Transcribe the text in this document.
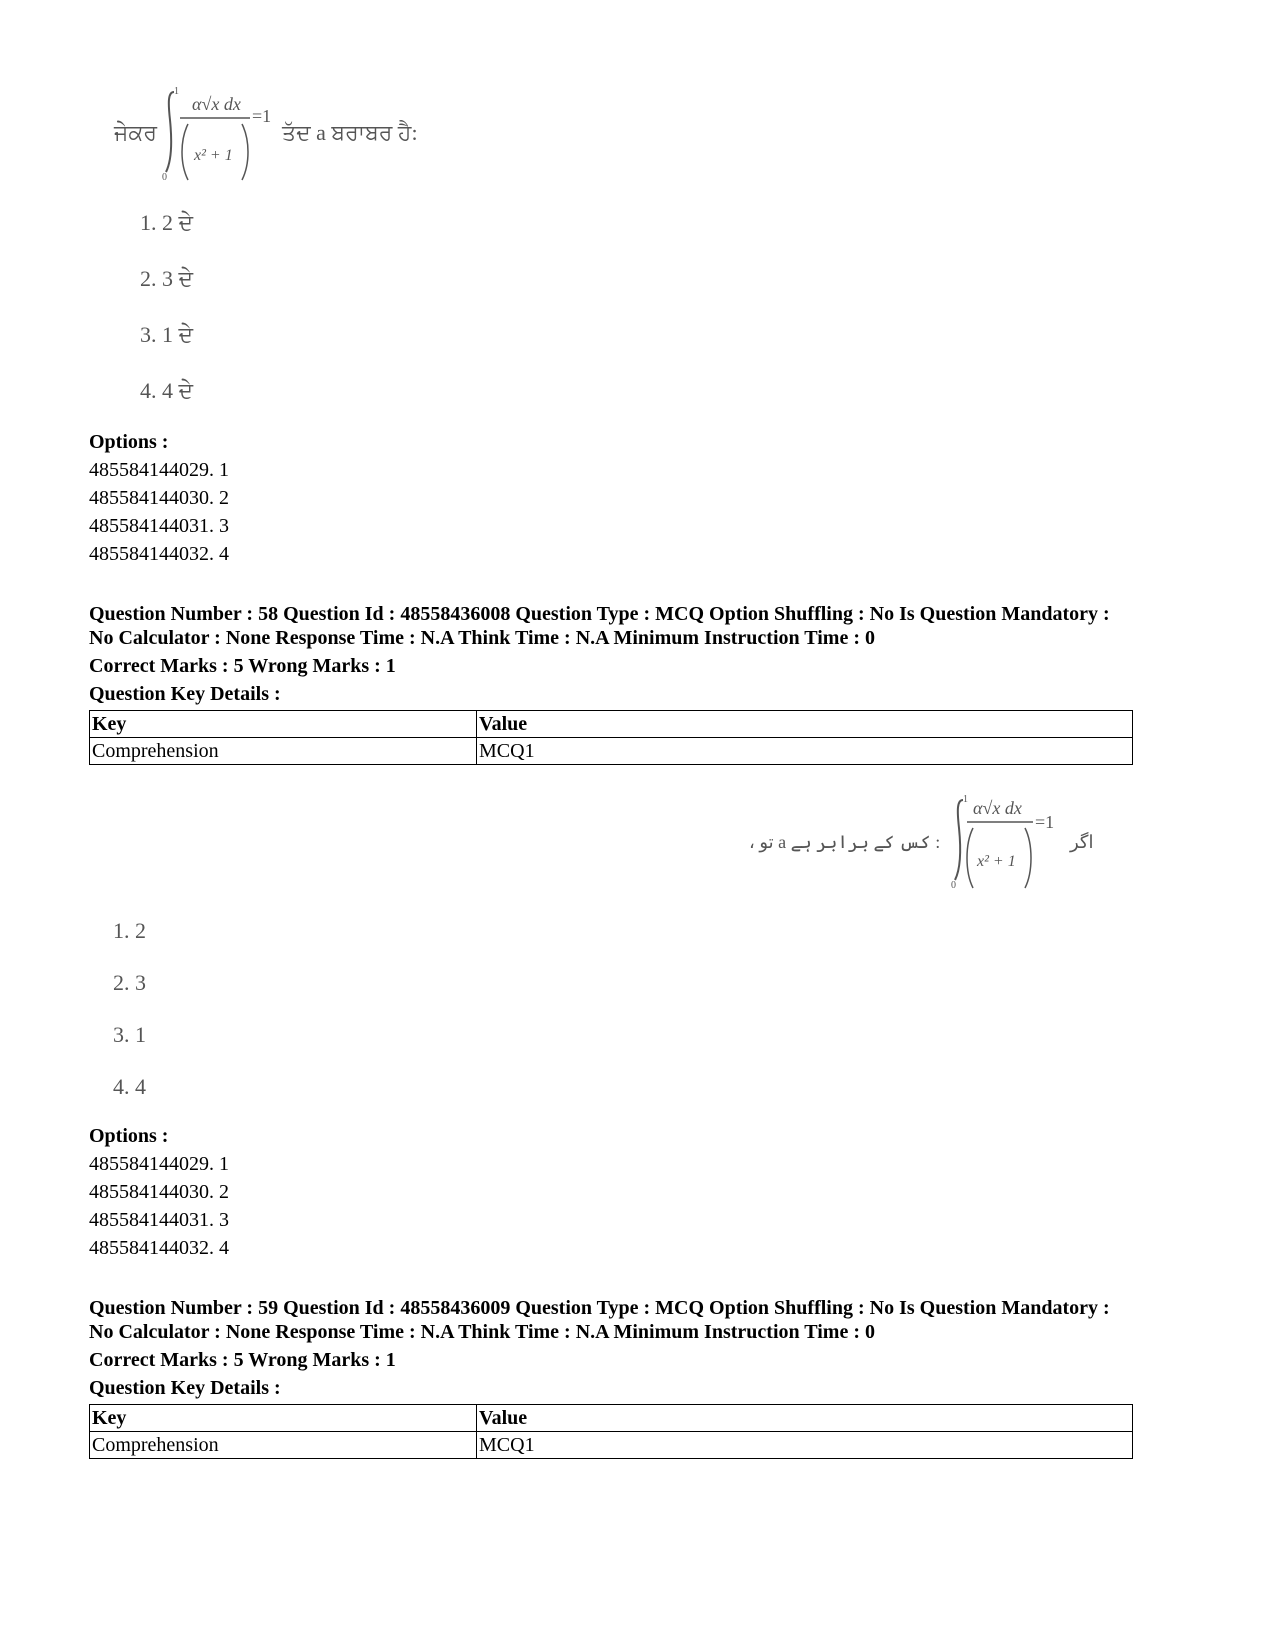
ਜੇਕਰ
1
0
α√x dx
x² + 1
=1
ਤੱਦ a ਬਰਾਬਰ ਹੈ:
1. 2 ਦੇ
2. 3 ਦੇ
3. 1 ਦੇ
4. 4 ਦੇ
Options :
485584144029. 1
485584144030. 2
485584144031. 3
485584144032. 4
Question Number : 58 Question Id : 48558436008 Question Type : MCQ Option Shuffling : No Is Question Mandatory :
No Calculator : None Response Time : N.A Think Time : N.A Minimum Instruction Time : 0
Correct Marks : 5 Wrong Marks : 1
Question Key Details :
Key	Value
Comprehension	MCQ1
، تو a کس کے برابر ہے :
1
0
α√x dx
x² + 1
=1
اگر
1. 2
2. 3
3. 1
4. 4
Options :
485584144029. 1
485584144030. 2
485584144031. 3
485584144032. 4
Question Number : 59 Question Id : 48558436009 Question Type : MCQ Option Shuffling : No Is Question Mandatory :
No Calculator : None Response Time : N.A Think Time : N.A Minimum Instruction Time : 0
Correct Marks : 5 Wrong Marks : 1
Question Key Details :
Key	Value
Comprehension	MCQ1
